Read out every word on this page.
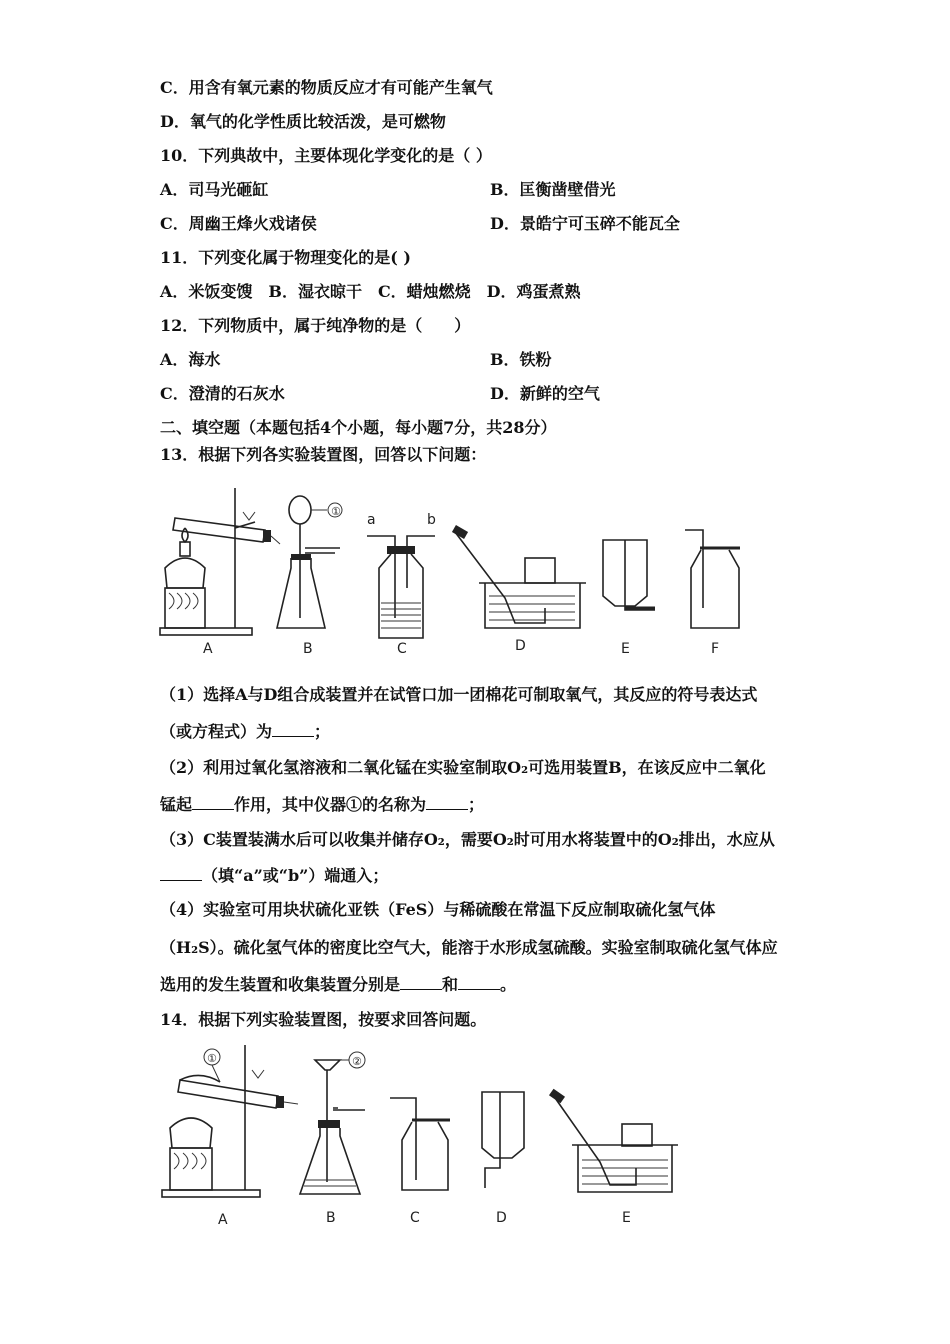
C．用含有氧元素的物质反应才有可能产生氧气
D．氧气的化学性质比较活泼，是可燃物
10．下列典故中，主要体现化学变化的是（ ）
A．司马光砸缸	B．匡衡凿壁借光
C．周幽王烽火戏诸侯	D．景皓宁可玉碎不能瓦全
11．下列变化属于物理变化的是( )
A．米饭变馊　B．湿衣晾干　C．蜡烛燃烧　D．鸡蛋煮熟
12．下列物质中，属于纯净物的是（　　）
A．海水	B．铁粉
C．澄清的石灰水	D．新鲜的空气
二、填空题（本题包括4个小题，每小题7分，共28分）
13．根据下列各实验装置图，回答以下问题：
A
①
B
a	b
C	D	E	F
（1）选择A与D组合成装置并在试管口加一团棉花可制取氧气，其反应的符号表达式
（或方程式）为	；
（2）利用过氧化氢溶液和二氧化锰在实验室制取O₂可选用装置B，在该反应中二氧化
锰起	作用，其中仪器①的名称为	；
（3）C装置装满水后可以收集并储存O₂，需要O₂时可用水将装置中的O₂排出，水应从
（填“a”或“b”）端通入；
（4）实验室可用块状硫化亚铁（FeS）与稀硫酸在常温下反应制取硫化氢气体
（H₂S）。硫化氢气体的密度比空气大，能溶于水形成氢硫酸。实验室制取硫化氢气体应
选用的发生装置和收集装置分别是	和	。
14．根据下列实验装置图，按要求回答问题。
①
A
②
B	C	D	E
